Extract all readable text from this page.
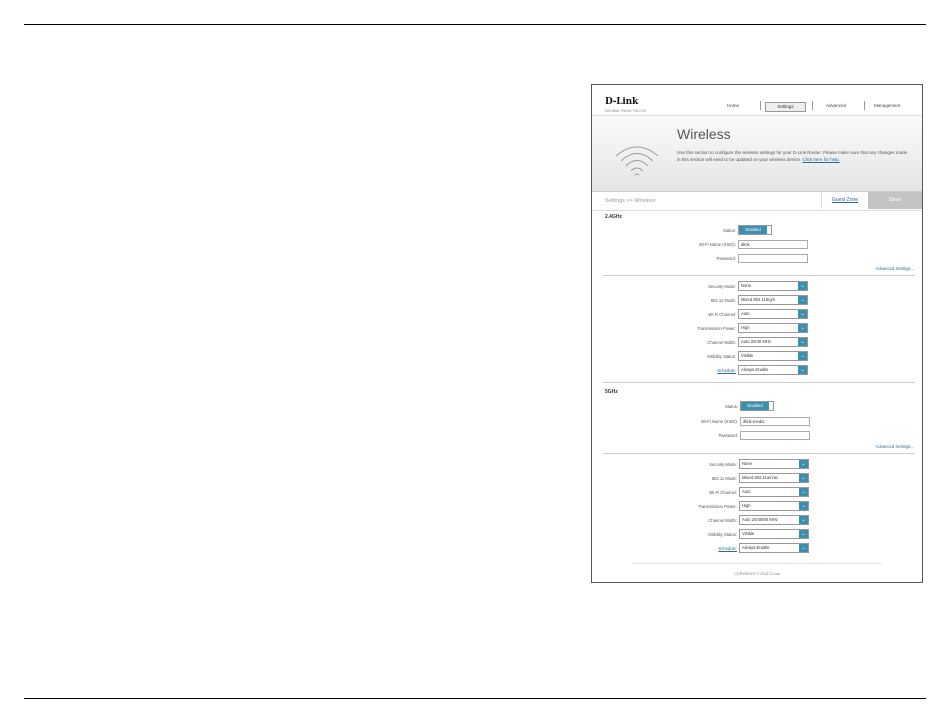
D-Link
DIR-868L HW:B1 FW:2.00
Home	Settings	Advanced	Management
Wireless
Use this section to configure the wireless settings for your D-Link Router. Please make sure that any changes made in this section will need to be updated on your wireless device. Click here for help.
Settings >> Wireless	Guest Zone	Save
2.4GHz
Status:	Enabled
Wi-Fi Name (SSID):	dlink
Password:
Advanced Settings...
Security Mode:	None	⌄
802.11 Mode:	Mixed 802.11b/g/n	⌄
Wi-Fi Channel:	Auto	⌄
Transmission Power:	High	⌄
Channel Width:	Auto 20/40 MHz	⌄
Visibility Status:	Visible	⌄
Schedule:	Always Enable	⌄
5GHz
Status:	Enabled
Wi-Fi Name (SSID):	dlink-media
Password:
Advanced Settings...
Security Mode:	None	⌄
802.11 Mode:	Mixed 802.11a/n/ac	⌄
Wi-Fi Channel:	Auto	⌄
Transmission Power:	High	⌄
Channel Width:	Auto 20/40/80 MHz	⌄
Visibility Status:	Visible	⌄
Schedule:	Always Enable	⌄
COPYRIGHT © 2013 D-Link
